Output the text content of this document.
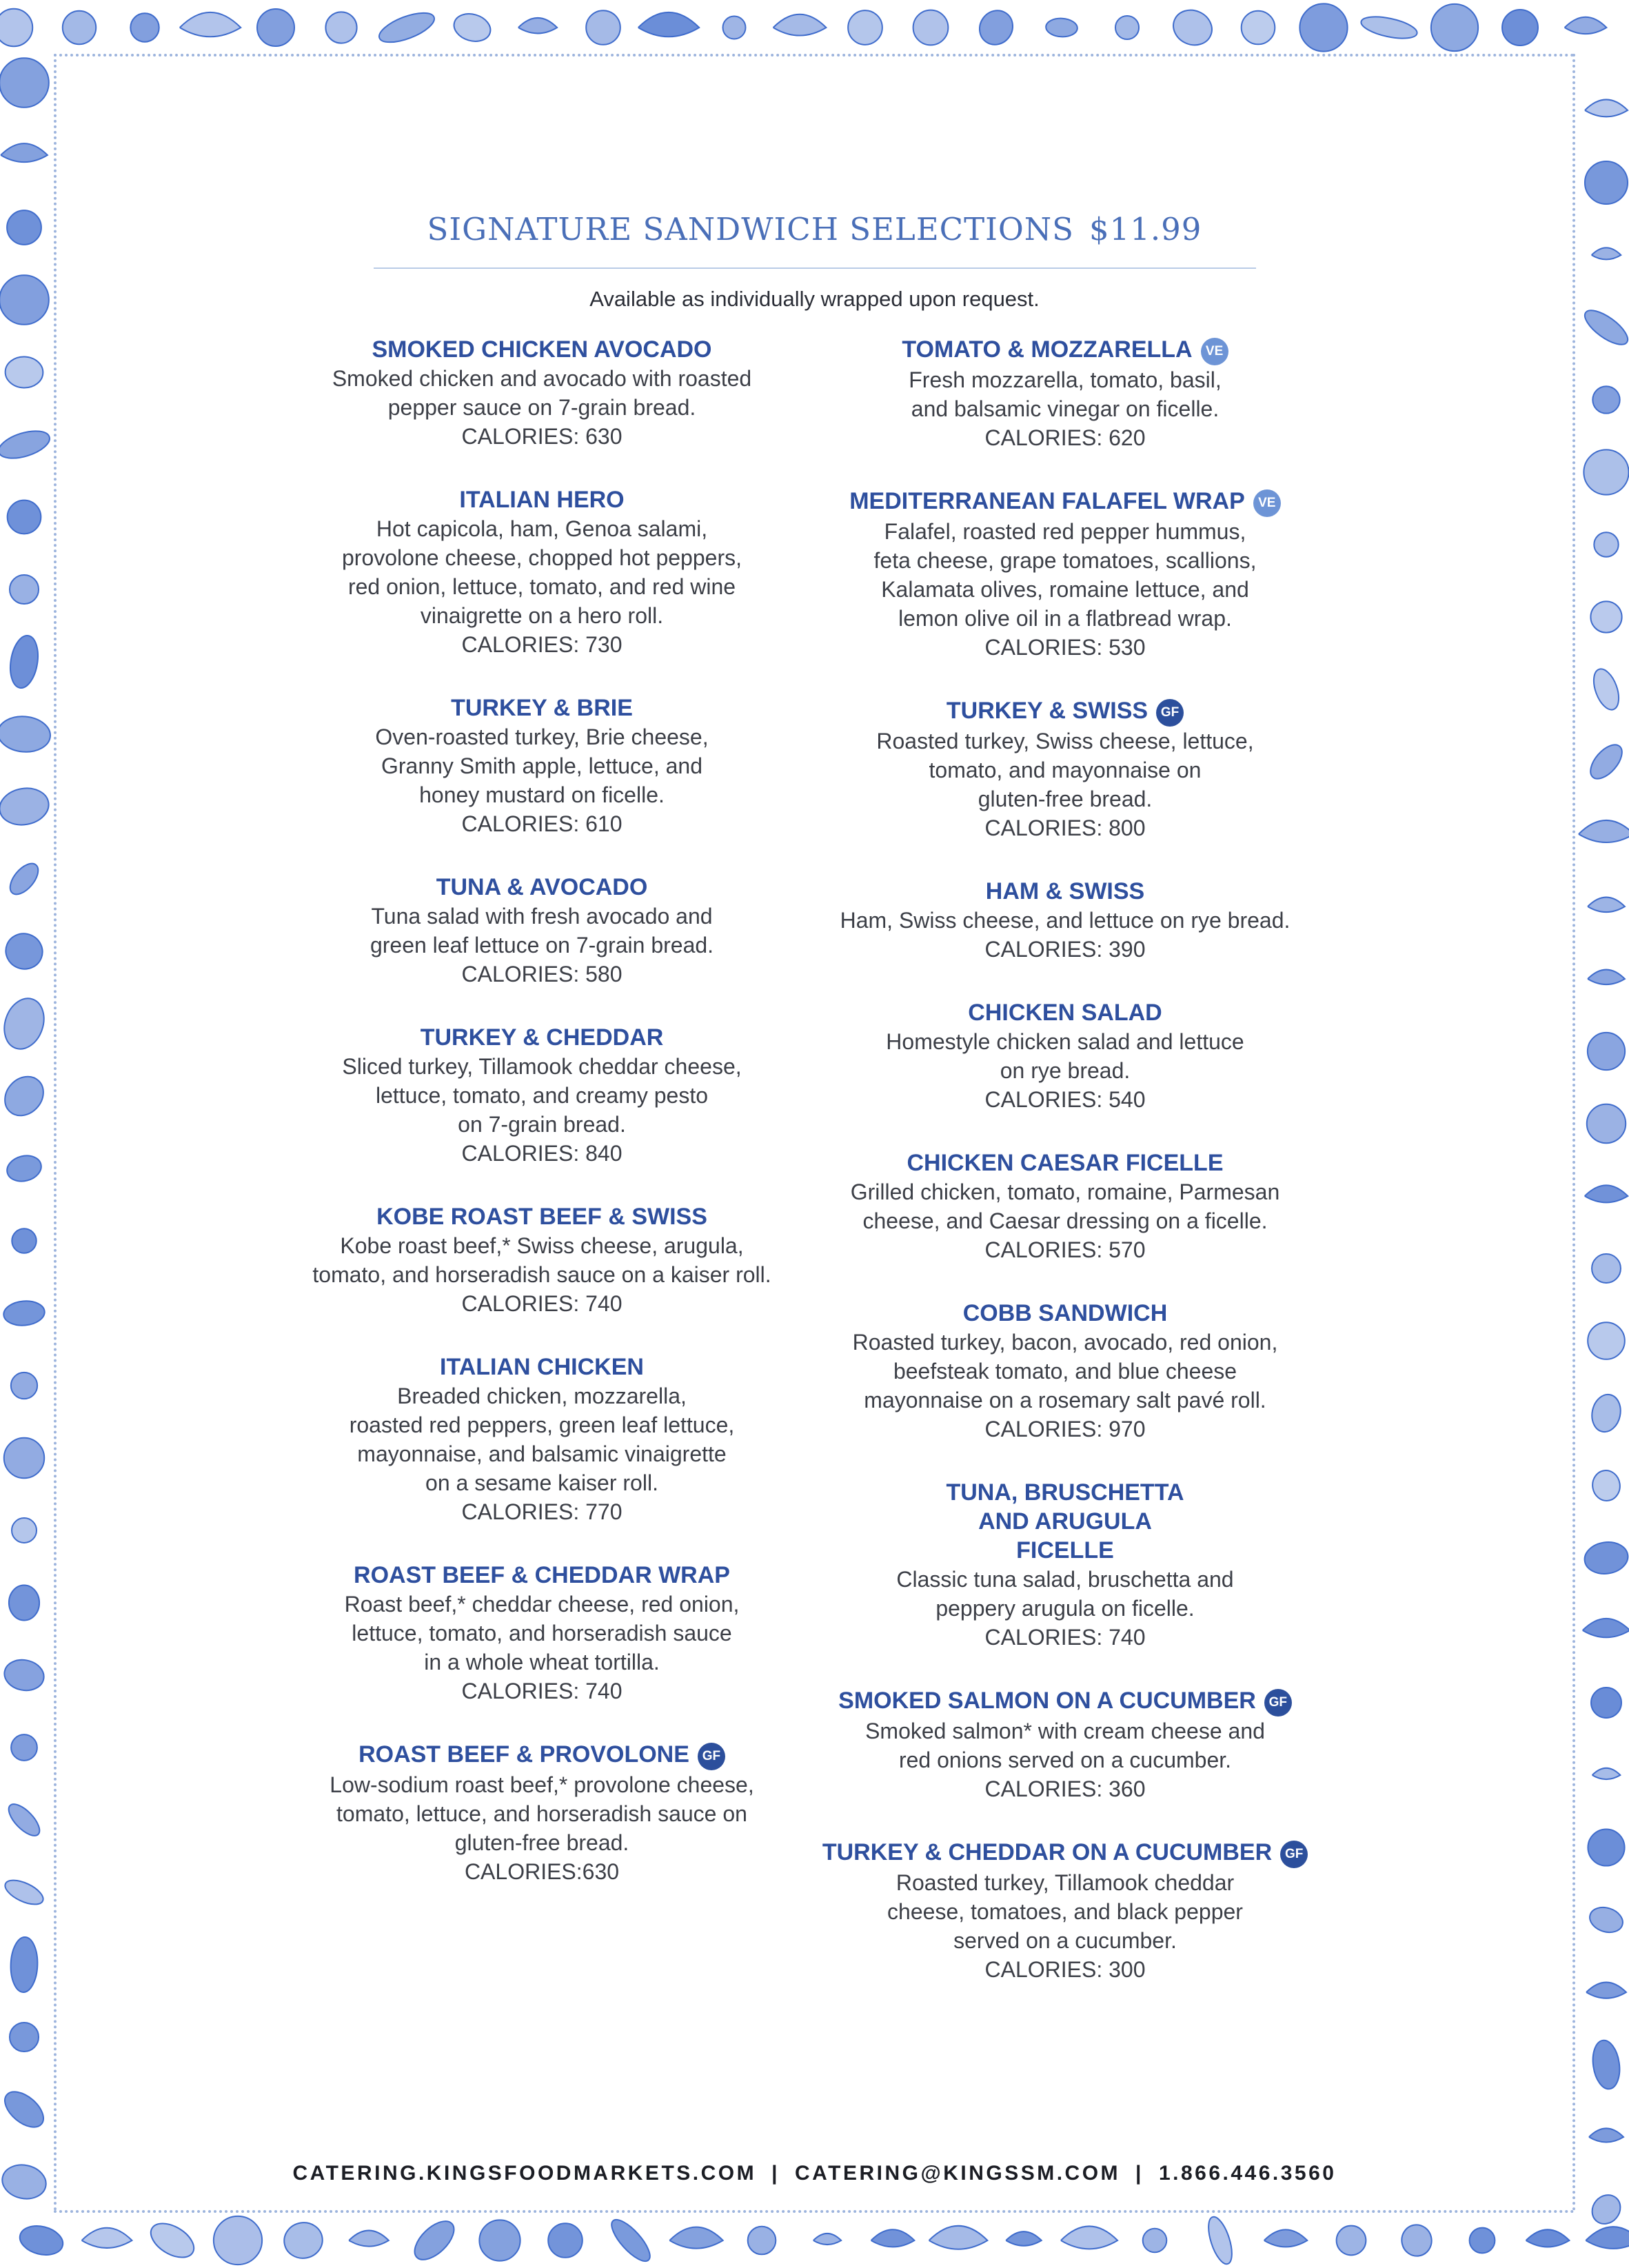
SIGNATURE SANDWICH SELECTIONS $11.99
Available as individually wrapped upon request.
SMOKED CHICKEN AVOCADO
Smoked chicken and avocado with roasted
pepper sauce on 7-grain bread.
CALORIES: 630
ITALIAN HERO
Hot capicola, ham, Genoa salami,
provolone cheese, chopped hot peppers,
red onion, lettuce, tomato, and red wine
vinaigrette on a hero roll.
CALORIES: 730
TURKEY & BRIE
Oven-roasted turkey, Brie cheese,
Granny Smith apple, lettuce, and
honey mustard on ficelle.
CALORIES: 610
TUNA & AVOCADO
Tuna salad with fresh avocado and
green leaf lettuce on 7-grain bread.
CALORIES: 580
TURKEY & CHEDDAR
Sliced turkey, Tillamook cheddar cheese,
lettuce, tomato, and creamy pesto
on 7-grain bread.
CALORIES: 840
KOBE ROAST BEEF & SWISS
Kobe roast beef,* Swiss cheese, arugula,
tomato, and horseradish sauce on a kaiser roll.
CALORIES: 740
ITALIAN CHICKEN
Breaded chicken, mozzarella,
roasted red peppers, green leaf lettuce,
mayonnaise, and balsamic vinaigrette
on a sesame kaiser roll.
CALORIES: 770
ROAST BEEF & CHEDDAR WRAP
Roast beef,* cheddar cheese, red onion,
lettuce, tomato, and horseradish sauce
in a whole wheat tortilla.
CALORIES: 740
ROAST BEEF & PROVOLONE GF
Low-sodium roast beef,* provolone cheese,
tomato, lettuce, and horseradish sauce on
gluten-free bread.
CALORIES:630
TOMATO & MOZZARELLA VE
Fresh mozzarella, tomato, basil,
and balsamic vinegar on ficelle.
CALORIES: 620
MEDITERRANEAN FALAFEL WRAP VE
Falafel, roasted red pepper hummus,
feta cheese, grape tomatoes, scallions,
Kalamata olives, romaine lettuce, and
lemon olive oil in a flatbread wrap.
CALORIES: 530
TURKEY & SWISS GF
Roasted turkey, Swiss cheese, lettuce,
tomato, and mayonnaise on
gluten-free bread.
CALORIES: 800
HAM & SWISS
Ham, Swiss cheese, and lettuce on rye bread.
CALORIES: 390
CHICKEN SALAD
Homestyle chicken salad and lettuce
on rye bread.
CALORIES: 540
CHICKEN CAESAR FICELLE
Grilled chicken, tomato, romaine, Parmesan
cheese, and Caesar dressing on a ficelle.
CALORIES: 570
COBB SANDWICH
Roasted turkey, bacon, avocado, red onion,
beefsteak tomato, and blue cheese
mayonnaise on a rosemary salt pavé roll.
CALORIES: 970
TUNA, BRUSCHETTA AND ARUGULA FICELLE
Classic tuna salad, bruschetta and
peppery arugula on ficelle.
CALORIES: 740
SMOKED SALMON ON A CUCUMBER GF
Smoked salmon* with cream cheese and
red onions served on a cucumber.
CALORIES: 360
TURKEY & CHEDDAR ON A CUCUMBER GF
Roasted turkey, Tillamook cheddar
cheese, tomatoes, and black pepper
served on a cucumber.
CALORIES: 300
CATERING.KINGSFOODMARKETS.COM | CATERING@KINGSSM.COM | 1.866.446.3560
